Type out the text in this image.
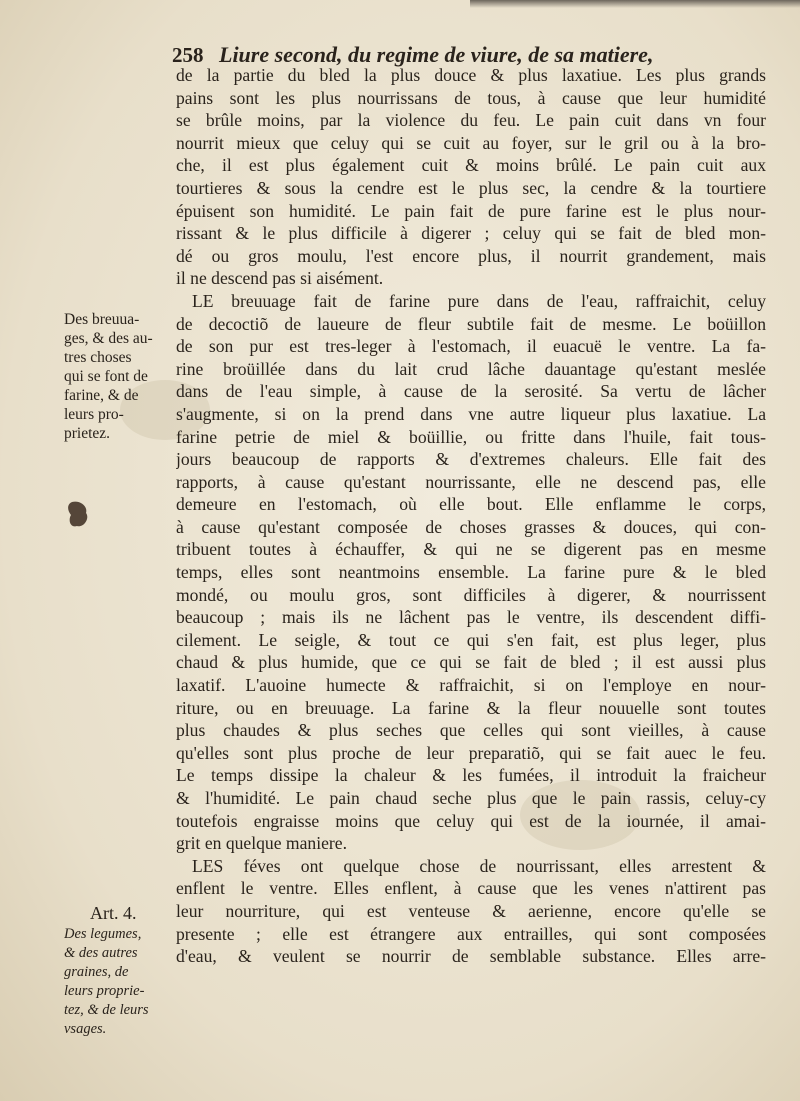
258 Liure second, du regime de viure, de sa matiere,
de la partie du bled la plus douce & plus laxatiue. Les plus grands
pains sont les plus nourrissans de tous, à cause que leur humidité
se brûle moins, par la violence du feu. Le pain cuit dans vn four
nourrit mieux que celuy qui se cuit au foyer, sur le gril ou à la bro-
che, il est plus également cuit & moins brûlé. Le pain cuit aux
tourtieres & sous la cendre est le plus sec, la cendre & la tourtiere
épuisent son humidité. Le pain fait de pure farine est le plus nour-
rissant & le plus difficile à digerer ; celuy qui se fait de bled mon-
dé ou gros moulu, l'est encore plus, il nourrit grandement, mais
il ne descend pas si aisément.
LE breuuage fait de farine pure dans de l'eau, raffraichit, celuy
de decoctiõ de laueure de fleur subtile fait de mesme. Le boüillon
de son pur est tres-leger à l'estomach, il euacuë le ventre. La fa-
rine broüillée dans du lait crud lâche dauantage qu'estant meslée
dans de l'eau simple, à cause de la serosité. Sa vertu de lâcher
s'augmente, si on la prend dans vne autre liqueur plus laxatiue. La
farine petrie de miel & boüillie, ou fritte dans l'huile, fait tous-
jours beaucoup de rapports & d'extremes chaleurs. Elle fait des
rapports, à cause qu'estant nourrissante, elle ne descend pas, elle
demeure en l'estomach, où elle bout. Elle enflamme le corps,
à cause qu'estant composée de choses grasses & douces, qui con-
tribuent toutes à échauffer, & qui ne se digerent pas en mesme
temps, elles sont neantmoins ensemble. La farine pure & le bled
mondé, ou moulu gros, sont difficiles à digerer, & nourrissent
beaucoup ; mais ils ne lâchent pas le ventre, ils descendent diffi-
cilement. Le seigle, & tout ce qui s'en fait, est plus leger, plus
chaud & plus humide, que ce qui se fait de bled ; il est aussi plus
laxatif. L'auoine humecte & raffraichit, si on l'employe en nour-
riture, ou en breuuage. La farine & la fleur nouuelle sont toutes
plus chaudes & plus seches que celles qui sont vieilles, à cause
qu'elles sont plus proche de leur preparatiõ, qui se fait auec le feu.
Le temps dissipe la chaleur & les fumées, il introduit la fraicheur
& l'humidité. Le pain chaud seche plus que le pain rassis, celuy-cy
toutefois engraisse moins que celuy qui est de la iournée, il amai-
grit en quelque maniere.
LES féves ont quelque chose de nourrissant, elles arrestent &
enflent le ventre. Elles enflent, à cause que les venes n'attirent pas
leur nourriture, qui est venteuse & aerienne, encore qu'elle se
presente ; elle est étrangere aux entrailles, qui sont composées
d'eau, & veulent se nourrir de semblable substance. Elles arre-
Des breuua-
ges, & des au-
tres choses
qui se font de
farine, & de
leurs pro-
prietez.
Art. 4.
Des legumes,
& des autres
graines, de
leurs proprie-
tez, & de leurs
vsages.
